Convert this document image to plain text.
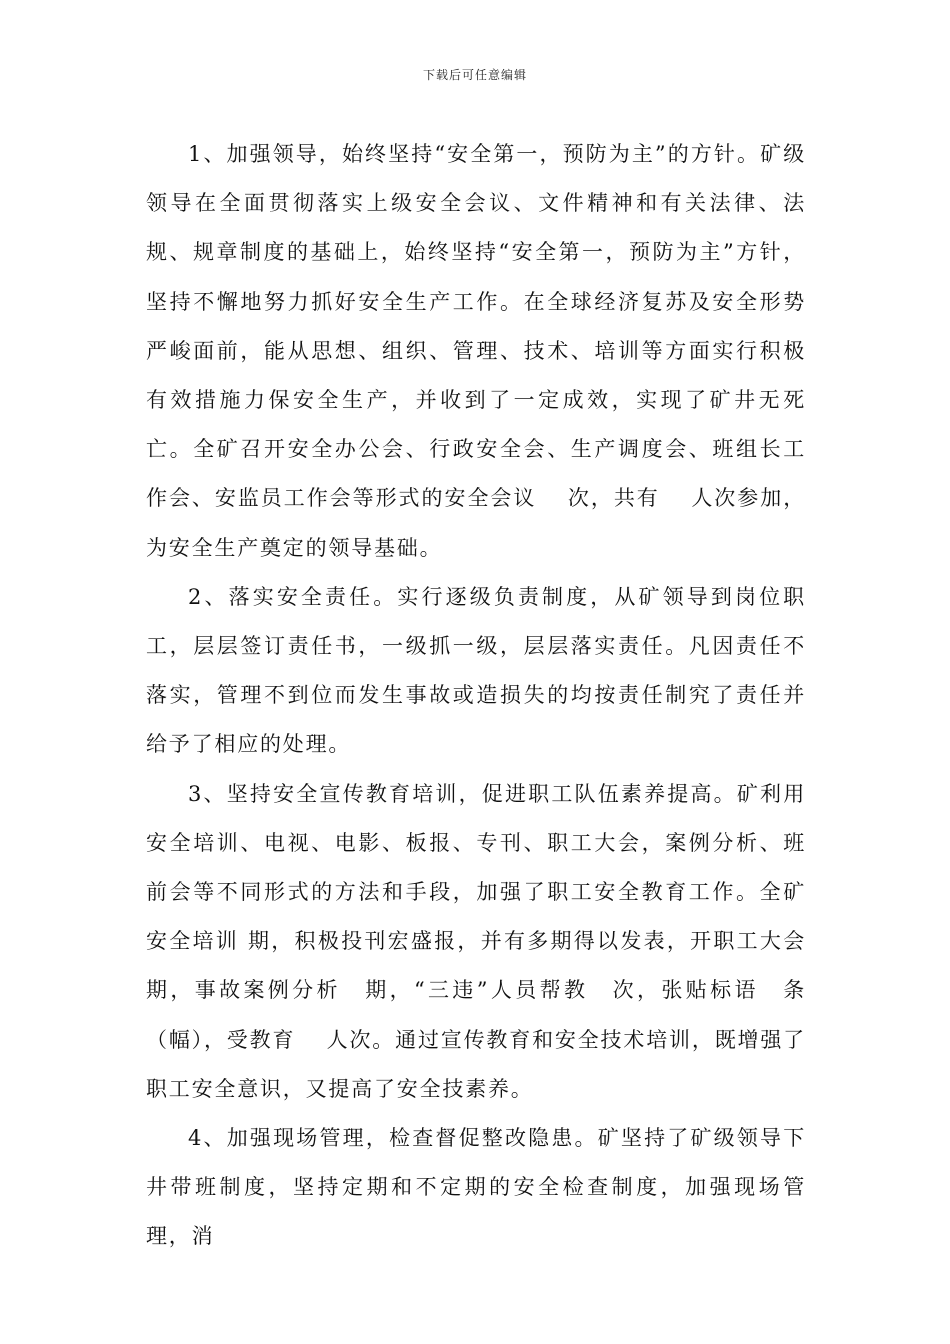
下载后可任意编辑

1、加强领导，始终坚持“安全第一，预防为主”的方针。矿级领导在全面贯彻落实上级安全会议、文件精神和有关法律、法规、规章制度的基础上，始终坚持“安全第一，预防为主”方针，坚持不懈地努力抓好安全生产工作。在全球经济复苏及安全形势严峻面前，能从思想、组织、管理、技术、培训等方面实行积极有效措施力保安全生产，并收到了一定成效，实现了矿井无死亡。全矿召开安全办公会、行政安全会、生产调度会、班组长工作会、安监员工作会等形式的安全会议　 次，共有　 人次参加，为安全生产奠定的领导基础。

2、落实安全责任。实行逐级负责制度，从矿领导到岗位职工，层层签订责任书，一级抓一级，层层落实责任。凡因责任不落实，管理不到位而发生事故或造损失的均按责任制究了责任并给予了相应的处理。

3、坚持安全宣传教育培训，促进职工队伍素养提高。矿利用安全培训、电视、电影、板报、专刊、职工大会，案例分析、班前会等不同形式的方法和手段，加强了职工安全教育工作。全矿安全培训 期，积极投刊宏盛报，并有多期得以发表，开职工大会 期，事故案例分析　期，“三违”人员帮教　次，张贴标语　条（幅），受教育　 人次。通过宣传教育和安全技术培训，既增强了职工安全意识，又提高了安全技素养。

4、加强现场管理，检查督促整改隐患。矿坚持了矿级领导下井带班制度，坚持定期和不定期的安全检查制度，加强现场管理，消
